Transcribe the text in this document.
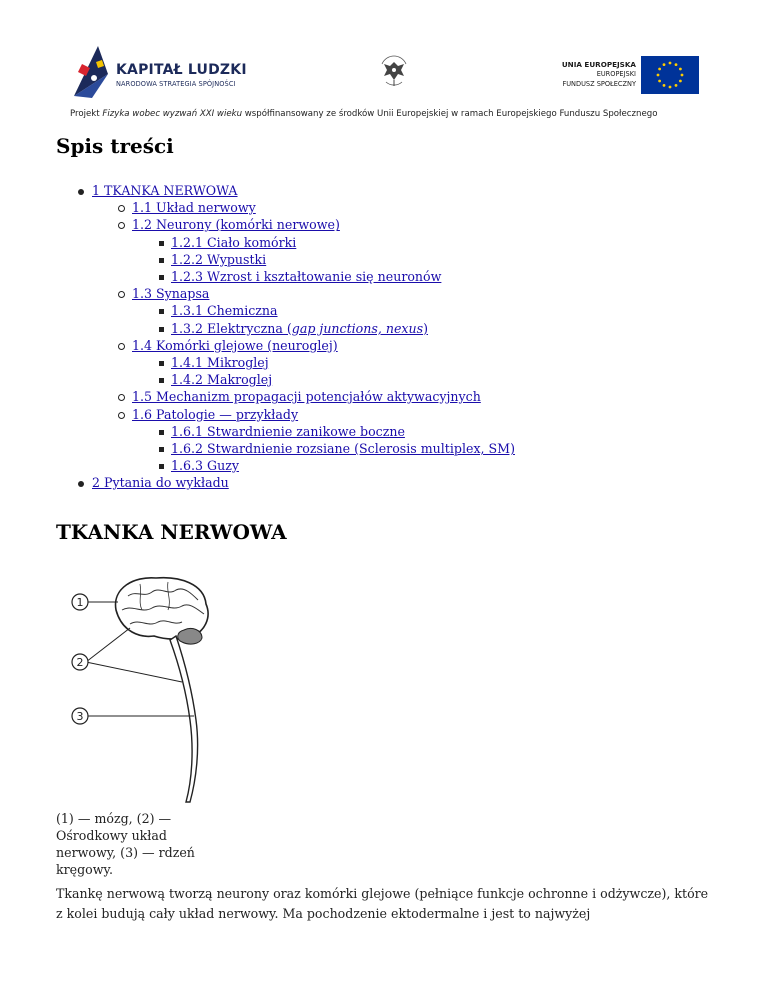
KAPITAŁ LUDZKI
NARODOWA STRATEGIA SPÓJNOŚCI
UNIA EUROPEJSKA
EUROPEJSKI
FUNDUSZ SPOŁECZNY
Projekt Fizyka wobec wyzwań XXI wieku współfinansowany ze środków Unii Europejskiej w ramach Europejskiego Funduszu Społecznego
Spis treści
1 TKANKA NERWOWA
1.1 Układ nerwowy
1.2 Neurony (komórki nerwowe)
1.2.1 Ciało komórki
1.2.2 Wypustki
1.2.3 Wzrost i kształtowanie się neuronów
1.3 Synapsa
1.3.1 Chemiczna
1.3.2 Elektryczna (gap junctions, nexus)
1.4 Komórki glejowe (neuroglej)
1.4.1 Mikroglej
1.4.2 Makroglej
1.5 Mechanizm propagacji potencjałów aktywacyjnych
1.6 Patologie — przykłady
1.6.1 Stwardnienie zanikowe boczne
1.6.2 Stwardnienie rozsiane (Sclerosis multiplex, SM)
1.6.3 Guzy
2 Pytania do wykładu
TKANKA NERWOWA
1
2
3
(1) — mózg, (2) — Ośrodkowy układ nerwowy, (3) — rdzeń kręgowy.
Tkankę nerwową tworzą neurony oraz komórki glejowe (pełniące funkcje ochronne i odżywcze), które z kolei budują cały układ nerwowy. Ma pochodzenie ektodermalne i jest to najwyżej
